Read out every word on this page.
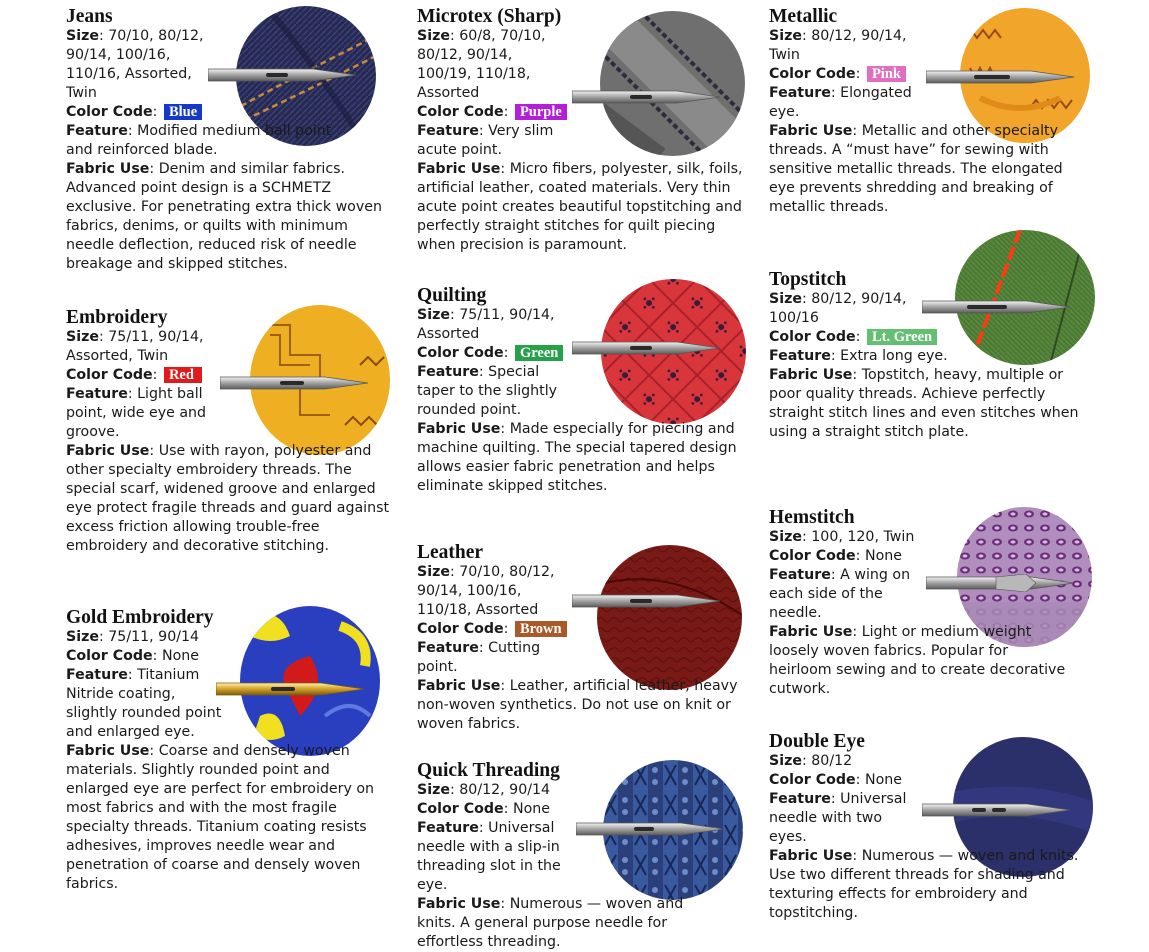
Jeans

Size: 70/10, 80/12, 90/14, 100/16, 110/16, Assorted, Twin

Color Code: Blue

Feature: Modified medium ball point and reinforced blade.

Fabric Use: Denim and similar fabrics. Advanced point design is a SCHMETZ exclusive. For penetrating extra thick woven fabrics, denims, or quilts with minimum needle deflection, reduced risk of needle breakage and skipped stitches.

Embroidery

Size: 75/11, 90/14, Assorted, Twin

Color Code: Red

Feature: Light ball point, wide eye and groove.

Fabric Use: Use with rayon, polyester and other specialty embroidery threads. The special scarf, widened groove and enlarged eye protect fragile threads and guard against excess friction allowing trouble-free embroidery and decorative stitching.

Gold Embroidery

Size: 75/11, 90/14

Color Code: None

Feature: Titanium Nitride coating, slightly rounded point and enlarged eye.

Fabric Use: Coarse and densely woven materials. Slightly rounded point and enlarged eye are perfect for embroidery on most fabrics and with the most fragile specialty threads. Titanium coating resists adhesives, improves needle wear and penetration of coarse and densely woven fabrics.

Microtex (Sharp)

Size: 60/8, 70/10, 80/12, 90/14, 100/19, 110/18, Assorted

Color Code: Purple

Feature: Very slim acute point.

Fabric Use: Micro fibers, polyester, silk, foils, artificial leather, coated materials. Very thin acute point creates beautiful topstitching and perfectly straight stitches for quilt piecing when precision is paramount.

Quilting

Size: 75/11, 90/14, Assorted

Color Code: Green

Feature: Special taper to the slightly rounded point.

Fabric Use: Made especially for piecing and machine quilting. The special tapered design allows easier fabric penetration and helps eliminate skipped stitches.

Leather

Size: 70/10, 80/12, 90/14, 100/16, 110/18, Assorted

Color Code: Brown

Feature: Cutting point.

Fabric Use: Leather, artificial leather, heavy non-woven synthetics. Do not use on knit or woven fabrics.

Quick Threading

Size: 80/12, 90/14

Color Code: None

Feature: Universal needle with a slip-in threading slot in the eye.

Fabric Use: Numerous — woven and knits. A general purpose needle for effortless threading.

Metallic

Size: 80/12, 90/14, Twin

Color Code: Pink

Feature: Elongated eye.

Fabric Use: Metallic and other specialty threads. A “must have” for sewing with sensitive metallic threads. The elongated eye prevents shredding and breaking of metallic threads.

Topstitch

Size: 80/12, 90/14, 100/16

Color Code: Lt. Green

Feature: Extra long eye.

Fabric Use: Topstitch, heavy, multiple or poor quality threads. Achieve perfectly straight stitch lines and even stitches when using a straight stitch plate.

Hemstitch

Size: 100, 120, Twin

Color Code: None

Feature: A wing on each side of the needle.

Fabric Use: Light or medium weight loosely woven fabrics. Popular for heirloom sewing and to create decorative cutwork.

Double Eye

Size: 80/12

Color Code: None

Feature: Universal needle with two eyes.

Fabric Use: Numerous — woven and knits. Use two different threads for shading and texturing effects for embroidery and topstitching.
